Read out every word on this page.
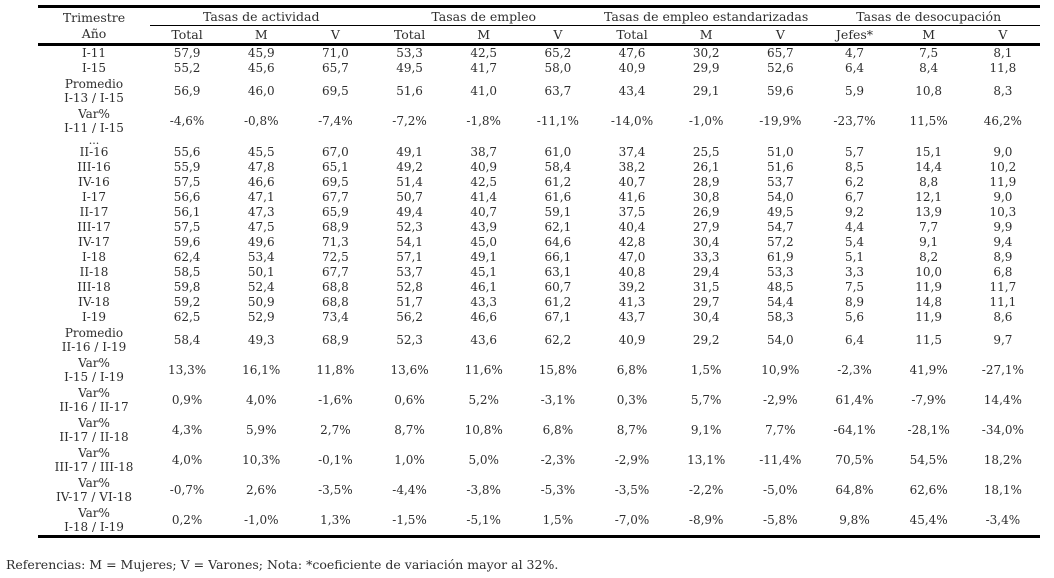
Trimestre
Año	Tasas de actividad			Tasas de empleo			Tasas de empleo estandarizadas			Tasas de desocupación		
	Total	M	V	Total	M	V	Total	M	V	Jefes*	M	V
I-11	57,9	45,9	71,0	53,3	42,5	65,2	47,6	30,2	65,7	4,7	7,5	8,1
I-15	55,2	45,6	65,7	49,5	41,7	58,0	40,9	29,9	52,6	6,4	8,4	11,8

Promedio
I-13 / I-15	56,9	46,0	69,5	51,6	41,0	63,7	43,4	29,1	59,6	5,9	10,8	8,3

Var%
I-11 / I-15	-4,6%	-0,8%	-7,4%	-7,2%	-1,8%	-11,1%	-14,0%	-1,0%	-19,9%	-23,7%	11,5%	46,2%
...												
II-16	55,6	45,5	67,0	49,1	38,7	61,0	37,4	25,5	51,0	5,7	15,1	9,0
III-16	55,9	47,8	65,1	49,2	40,9	58,4	38,2	26,1	51,6	8,5	14,4	10,2
IV-16	57,5	46,6	69,5	51,4	42,5	61,2	40,7	28,9	53,7	6,2	8,8	11,9
I-17	56,6	47,1	67,7	50,7	41,4	61,6	41,6	30,8	54,0	6,7	12,1	9,0
II-17	56,1	47,3	65,9	49,4	40,7	59,1	37,5	26,9	49,5	9,2	13,9	10,3
III-17	57,5	47,5	68,9	52,3	43,9	62,1	40,4	27,9	54,7	4,4	7,7	9,9
IV-17	59,6	49,6	71,3	54,1	45,0	64,6	42,8	30,4	57,2	5,4	9,1	9,4
I-18	62,4	53,4	72,5	57,1	49,1	66,1	47,0	33,3	61,9	5,1	8,2	8,9
II-18	58,5	50,1	67,7	53,7	45,1	63,1	40,8	29,4	53,3	3,3	10,0	6,8
III-18	59,8	52,4	68,8	52,8	46,1	60,7	39,2	31,5	48,5	7,5	11,9	11,7
IV-18	59,2	50,9	68,8	51,7	43,3	61,2	41,3	29,7	54,4	8,9	14,8	11,1
I-19	62,5	52,9	73,4	56,2	46,6	67,1	43,7	30,4	58,3	5,6	11,9	8,6

Promedio
II-16 / I-19	58,4	49,3	68,9	52,3	43,6	62,2	40,9	29,2	54,0	6,4	11,5	9,7

Var%
I-15 / I-19	13,3%	16,1%	11,8%	13,6%	11,6%	15,8%	6,8%	1,5%	10,9%	-2,3%	41,9%	-27,1%

Var%
II-16 / II-17	0,9%	4,0%	-1,6%	0,6%	5,2%	-3,1%	0,3%	5,7%	-2,9%	61,4%	-7,9%	14,4%

Var%
II-17 / II-18	4,3%	5,9%	2,7%	8,7%	10,8%	6,8%	8,7%	9,1%	7,7%	-64,1%	-28,1%	-34,0%

Var%
III-17 / III-18	4,0%	10,3%	-0,1%	1,0%	5,0%	-2,3%	-2,9%	13,1%	-11,4%	70,5%	54,5%	18,2%

Var%
IV-17 / VI-18	-0,7%	2,6%	-3,5%	-4,4%	-3,8%	-5,3%	-3,5%	-2,2%	-5,0%	64,8%	62,6%	18,1%

Var%
I-18 / I-19	0,2%	-1,0%	1,3%	-1,5%	-5,1%	1,5%	-7,0%	-8,9%	-5,8%	9,8%	45,4%	-3,4%
Referencias: M = Mujeres; V = Varones; Nota: *coeficiente de variación mayor al 32%.
